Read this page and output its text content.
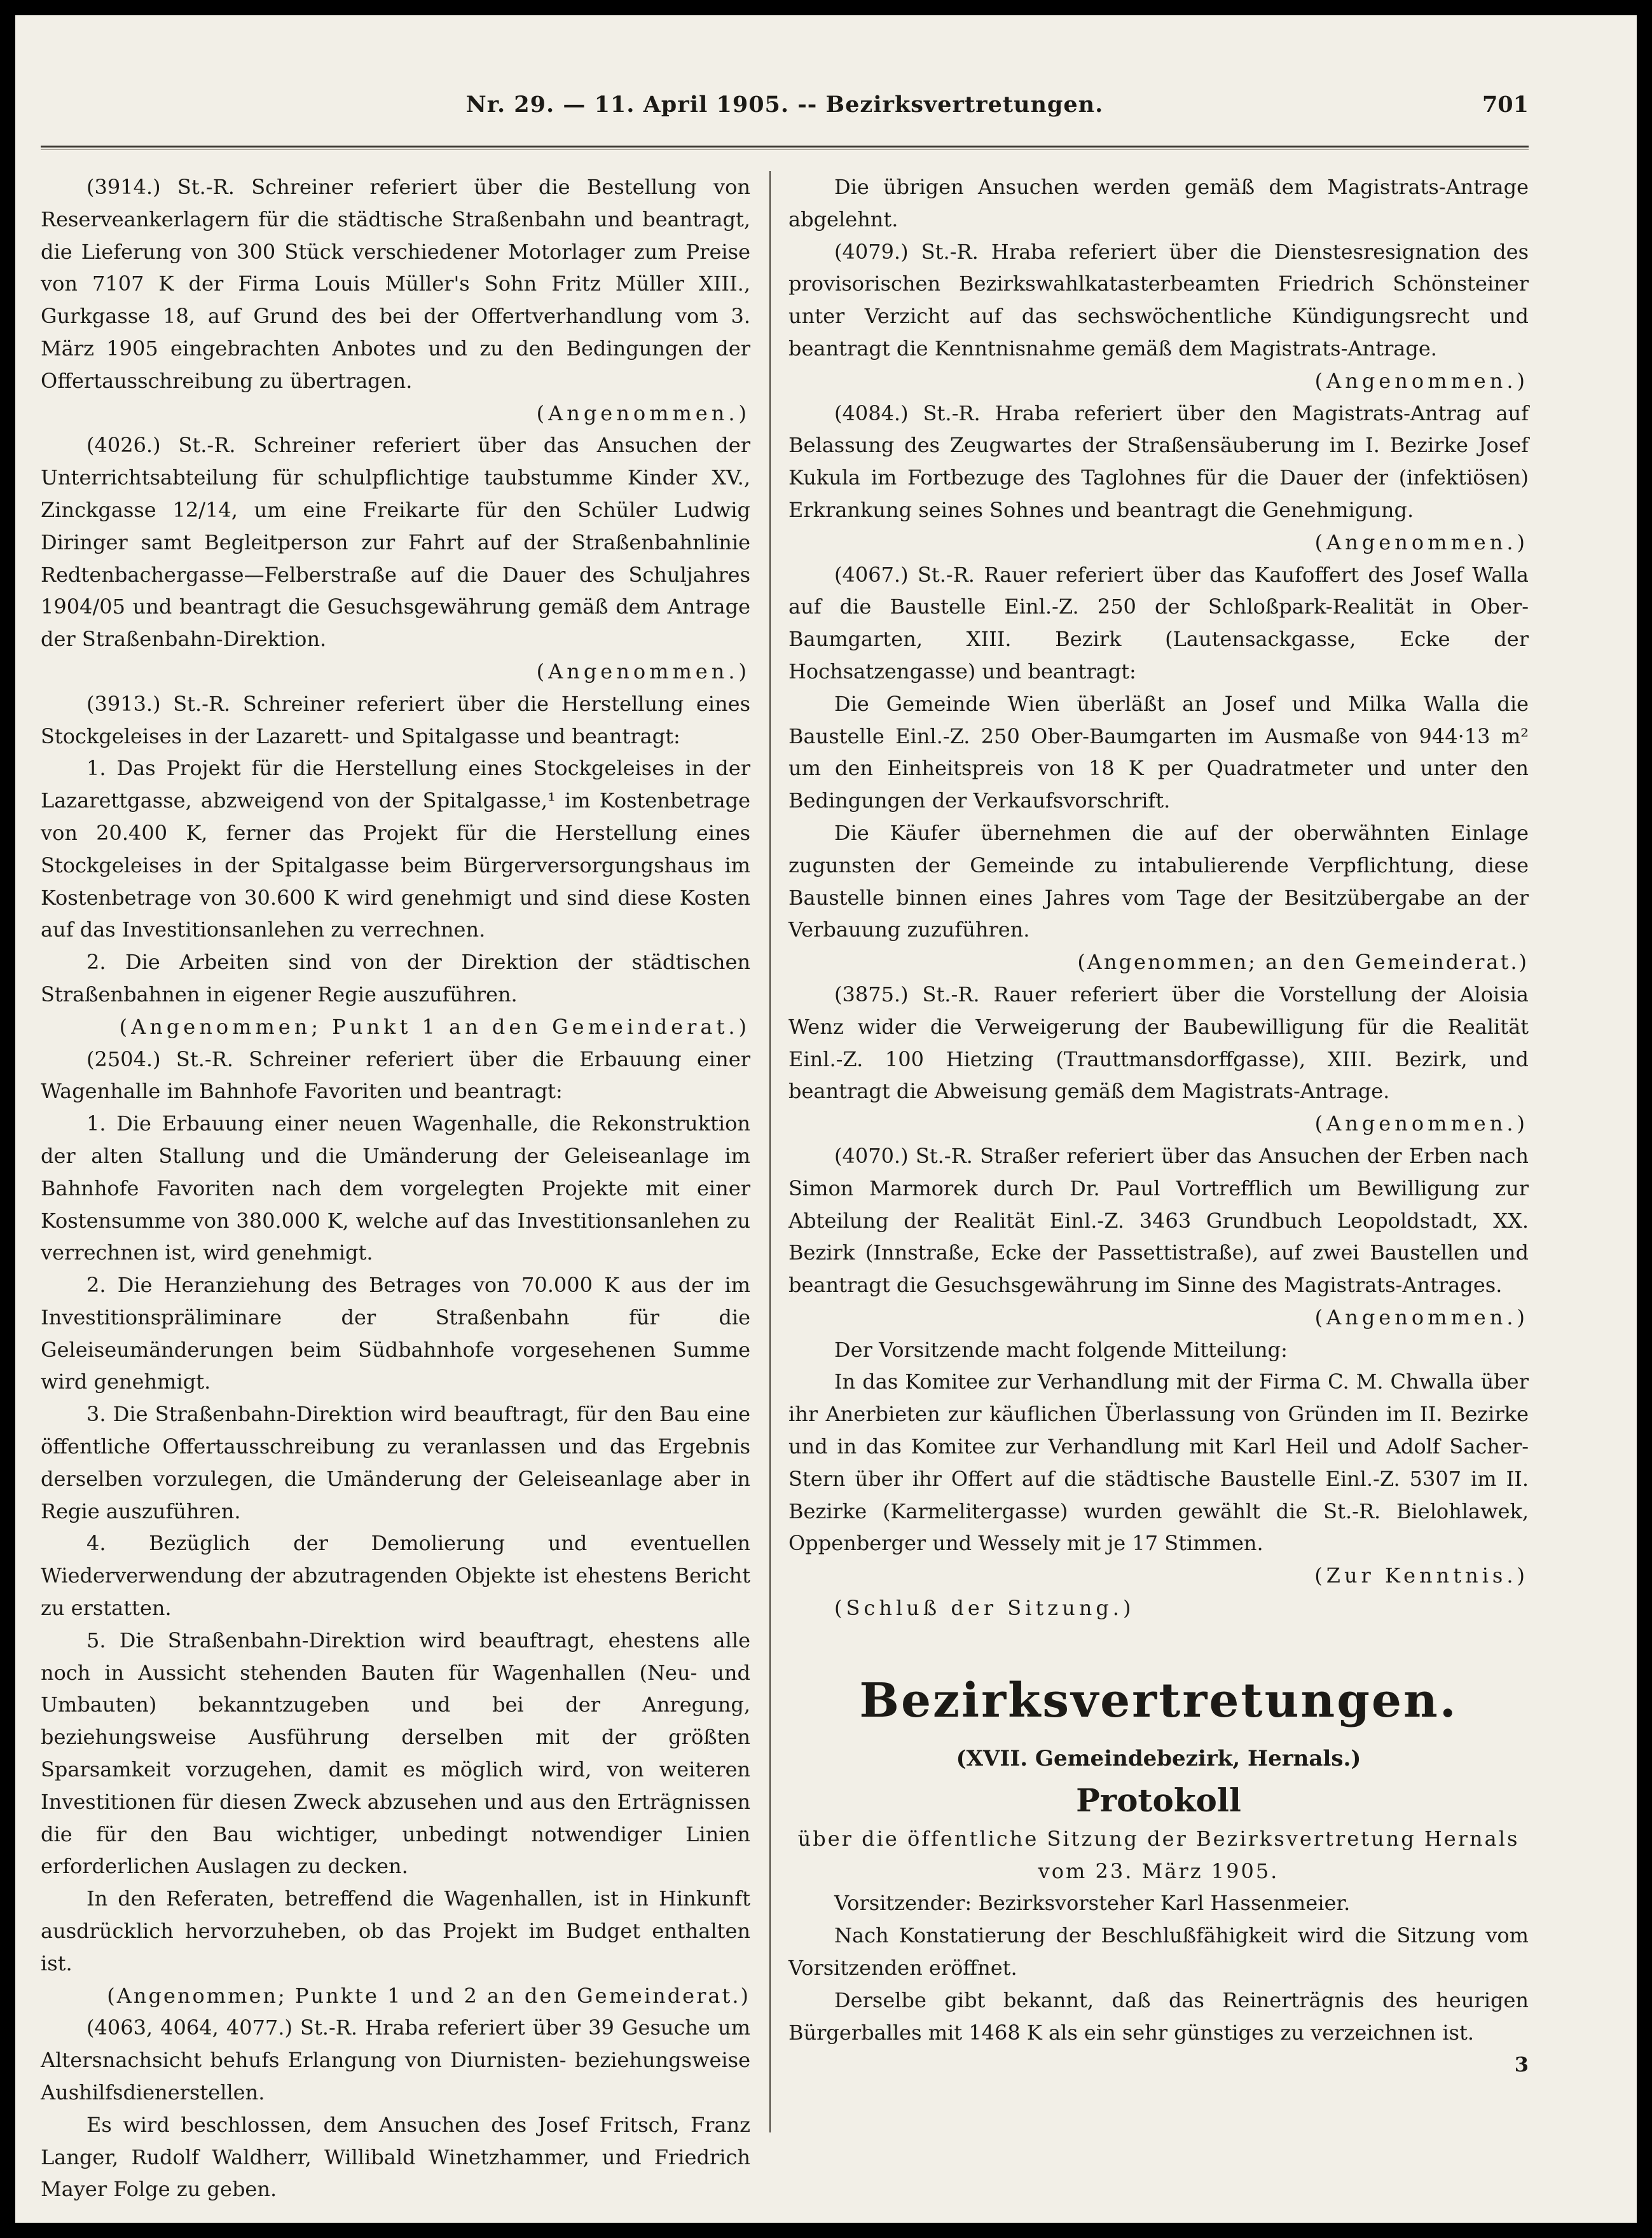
Nr. 29. — 11. April 1905. -- Bezirksvertretungen.	701

(3914.) St.-R. Schreiner referiert über die Bestellung von Reserveankerlagern für die städtische Straßenbahn und beantragt, die Lieferung von 300 Stück verschiedener Motorlager zum Preise von 7107 K der Firma Louis Müller's Sohn Fritz Müller XIII., Gurkgasse 18, auf Grund des bei der Offertverhandlung vom 3. März 1905 eingebrachten Anbotes und zu den Bedingungen der Offertausschreibung zu übertragen.

(Angenommen.)

(4026.) St.-R. Schreiner referiert über das Ansuchen der Unterrichtsabteilung für schulpflichtige taubstumme Kinder XV., Zinckgasse 12/14, um eine Freikarte für den Schüler Ludwig Diringer samt Begleitperson zur Fahrt auf der Straßenbahnlinie Redtenbachergasse—Felberstraße auf die Dauer des Schuljahres 1904/05 und beantragt die Gesuchsgewährung gemäß dem Antrage der Straßenbahn-Direktion.

(Angenommen.)

(3913.) St.-R. Schreiner referiert über die Herstellung eines Stockgeleises in der Lazarett- und Spitalgasse und beantragt:

1. Das Projekt für die Herstellung eines Stockgeleises in der Lazarettgasse, abzweigend von der Spitalgasse,¹ im Kostenbetrage von 20.400 K, ferner das Projekt für die Herstellung eines Stockgeleises in der Spitalgasse beim Bürgerversorgungshaus im Kostenbetrage von 30.600 K wird genehmigt und sind diese Kosten auf das Investitionsanlehen zu verrechnen.

2. Die Arbeiten sind von der Direktion der städtischen Straßenbahnen in eigener Regie auszuführen.

(Angenommen; Punkt 1 an den Gemeinderat.)

(2504.) St.-R. Schreiner referiert über die Erbauung einer Wagenhalle im Bahnhofe Favoriten und beantragt:

1. Die Erbauung einer neuen Wagenhalle, die Rekonstruktion der alten Stallung und die Umänderung der Geleiseanlage im Bahnhofe Favoriten nach dem vorgelegten Projekte mit einer Kostensumme von 380.000 K, welche auf das Investitionsanlehen zu verrechnen ist, wird genehmigt.

2. Die Heranziehung des Betrages von 70.000 K aus der im Investitionspräliminare der Straßenbahn für die Geleiseumänderungen beim Südbahnhofe vorgesehenen Summe wird genehmigt.

3. Die Straßenbahn-Direktion wird beauftragt, für den Bau eine öffentliche Offertausschreibung zu veranlassen und das Ergebnis derselben vorzulegen, die Umänderung der Geleiseanlage aber in Regie auszuführen.

4. Bezüglich der Demolierung und eventuellen Wiederverwendung der abzutragenden Objekte ist ehestens Bericht zu erstatten.

5. Die Straßenbahn-Direktion wird beauftragt, ehestens alle noch in Aussicht stehenden Bauten für Wagenhallen (Neu- und Umbauten) bekanntzugeben und bei der Anregung, beziehungsweise Ausführung derselben mit der größten Sparsamkeit vorzugehen, damit es möglich wird, von weiteren Investitionen für diesen Zweck abzusehen und aus den Erträgnissen die für den Bau wichtiger, unbedingt notwendiger Linien erforderlichen Auslagen zu decken.

In den Referaten, betreffend die Wagenhallen, ist in Hinkunft ausdrücklich hervorzuheben, ob das Projekt im Budget enthalten ist.

(Angenommen; Punkte 1 und 2 an den Gemeinderat.)

(4063, 4064, 4077.) St.-R. Hraba referiert über 39 Gesuche um Altersnachsicht behufs Erlangung von Diurnisten- beziehungsweise Aushilfsdienerstellen.

Es wird beschlossen, dem Ansuchen des Josef Fritsch, Franz Langer, Rudolf Waldherr, Willibald Winetzhammer, und Friedrich Mayer Folge zu geben.

Die übrigen Ansuchen werden gemäß dem Magistrats-Antrage abgelehnt.

(4079.) St.-R. Hraba referiert über die Dienstesresignation des provisorischen Bezirkswahlkatasterbeamten Friedrich Schönsteiner unter Verzicht auf das sechswöchentliche Kündigungsrecht und beantragt die Kenntnisnahme gemäß dem Magistrats-Antrage.

(Angenommen.)

(4084.) St.-R. Hraba referiert über den Magistrats-Antrag auf Belassung des Zeugwartes der Straßensäuberung im I. Bezirke Josef Kukula im Fortbezuge des Taglohnes für die Dauer der (infektiösen) Erkrankung seines Sohnes und beantragt die Genehmigung.

(Angenommen.)

(4067.) St.-R. Rauer referiert über das Kaufoffert des Josef Walla auf die Baustelle Einl.-Z. 250 der Schloßpark-Realität in Ober-Baumgarten, XIII. Bezirk (Lautensackgasse, Ecke der Hochsatzengasse) und beantragt:

Die Gemeinde Wien überläßt an Josef und Milka Walla die Baustelle Einl.-Z. 250 Ober-Baumgarten im Ausmaße von 944·13 m² um den Einheitspreis von 18 K per Quadratmeter und unter den Bedingungen der Verkaufsvorschrift.

Die Käufer übernehmen die auf der oberwähnten Einlage zugunsten der Gemeinde zu intabulierende Verpflichtung, diese Baustelle binnen eines Jahres vom Tage der Besitzübergabe an der Verbauung zuzuführen.

(Angenommen; an den Gemeinderat.)

(3875.) St.-R. Rauer referiert über die Vorstellung der Aloisia Wenz wider die Verweigerung der Baubewilligung für die Realität Einl.-Z. 100 Hietzing (Trauttmansdorffgasse), XIII. Bezirk, und beantragt die Abweisung gemäß dem Magistrats-Antrage.

(Angenommen.)

(4070.) St.-R. Straßer referiert über das Ansuchen der Erben nach Simon Marmorek durch Dr. Paul Vortrefflich um Bewilligung zur Abteilung der Realität Einl.-Z. 3463 Grundbuch Leopoldstadt, XX. Bezirk (Innstraße, Ecke der Passettistraße), auf zwei Baustellen und beantragt die Gesuchsgewährung im Sinne des Magistrats-Antrages.

(Angenommen.)

Der Vorsitzende macht folgende Mitteilung:

In das Komitee zur Verhandlung mit der Firma C. M. Chwalla über ihr Anerbieten zur käuflichen Überlassung von Gründen im II. Bezirke und in das Komitee zur Verhandlung mit Karl Heil und Adolf Sacher-Stern über ihr Offert auf die städtische Baustelle Einl.-Z. 5307 im II. Bezirke (Karmelitergasse) wurden gewählt die St.-R. Bielohlawek, Oppenberger und Wessely mit je 17 Stimmen.

(Zur Kenntnis.)

(Schluß der Sitzung.)

Bezirksvertretungen.

(XVII. Gemeindebezirk, Hernals.)

Protokoll

über die öffentliche Sitzung der Bezirksvertretung Hernals vom 23. März 1905.

Vorsitzender: Bezirksvorsteher Karl Hassenmeier.

Nach Konstatierung der Beschlußfähigkeit wird die Sitzung vom Vorsitzenden eröffnet.

Derselbe gibt bekannt, daß das Reinerträgnis des heurigen Bürgerballes mit 1468 K als ein sehr günstiges zu verzeichnen ist.

3
